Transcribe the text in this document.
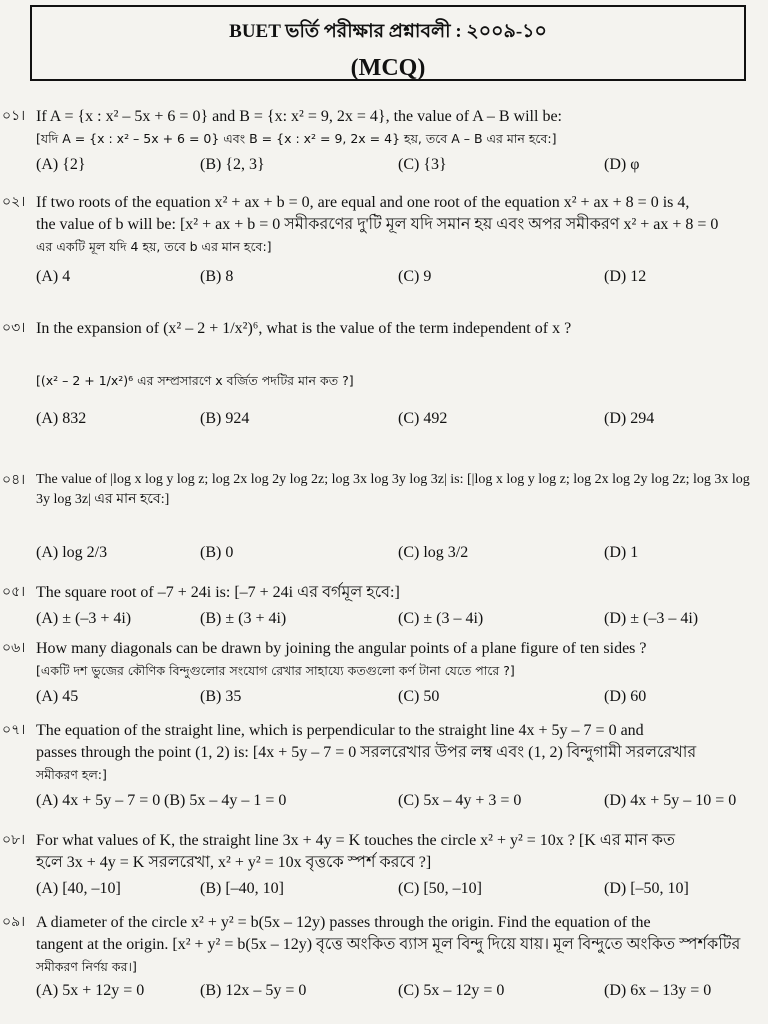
BUET ভর্তি পরীক্ষার প্রশ্নাবলী : ২০০৯-১০
(MCQ)
০১। If A = {x : x² – 5x + 6 = 0} and B = {x: x² = 9, 2x = 4}, the value of A – B will be:
[যদি A = {x : x² – 5x + 6 = 0} এবং B = {x : x² = 9, 2x = 4} হয়, তবে A – B এর মান হবে:]
(A) {2}	(B) {2, 3}	(C) {3}	(D) φ
০২। If two roots of the equation x² + ax + b = 0, are equal and one root of the equation x² + ax + 8 = 0 is 4,
the value of b will be: [x² + ax + b = 0 সমীকরণের দু'টি মূল যদি সমান হয় এবং অপর সমীকরণ x² + ax + 8 = 0
এর একটি মূল যদি 4 হয়, তবে b এর মান হবে:]
(A) 4	(B) 8	(C) 9	(D) 12
০৩। In the expansion of (x² – 2 + 1/x²)⁶, what is the value of the term independent of x ?
[(x² – 2 + 1/x²)⁶ এর সম্প্রসারণে x বর্জিত পদটির মান কত ?]
(A) 832	(B) 924	(C) 492	(D) 294
০৪। The value of |log x log y log z; log 2x log 2y log 2z; log 3x log 3y log 3z| is: [|log x log y log z; log 2x log 2y log 2z; log 3x log 3y log 3z| এর মান হবে:]
(A) log 2/3	(B) 0	(C) log 3/2	(D) 1
০৫। The square root of –7 + 24i is: [–7 + 24i এর বর্গমূল হবে:]
(A) ± (–3 + 4i)	(B) ± (3 + 4i)	(C) ± (3 – 4i)	(D) ± (–3 – 4i)
০৬। How many diagonals can be drawn by joining the angular points of a plane figure of ten sides ?
[একটি দশ ভুজের কৌণিক বিন্দুগুলোর সংযোগ রেখার সাহায্যে কতগুলো কর্ণ টানা যেতে পারে ?]
(A) 45	(B) 35	(C) 50	(D) 60
০৭। The equation of the straight line, which is perpendicular to the straight line 4x + 5y – 7 = 0 and
passes through the point (1, 2) is: [4x + 5y – 7 = 0 সরলরেখার উপর লম্ব এবং (1, 2) বিন্দুগামী সরলরেখার
সমীকরণ হল:]
(A) 4x + 5y – 7 = 0 (B) 5x – 4y – 1 = 0	(C) 5x – 4y + 3 = 0	(D) 4x + 5y – 10 = 0
০৮। For what values of K, the straight line 3x + 4y = K touches the circle x² + y² = 10x ? [K এর মান কত
হলে 3x + 4y = K সরলরেখা, x² + y² = 10x বৃত্তকে স্পর্শ করবে ?]
(A) [40, –10]	(B) [–40, 10]	(C) [50, –10]	(D) [–50, 10]
০৯। A diameter of the circle x² + y² = b(5x – 12y) passes through the origin. Find the equation of the
tangent at the origin. [x² + y² = b(5x – 12y) বৃত্তে অংকিত ব্যাস মূল বিন্দু দিয়ে যায়। মূল বিন্দুতে অংকিত স্পর্শকটির
সমীকরণ নির্ণয় কর।]
(A) 5x + 12y = 0	(B) 12x – 5y = 0	(C) 5x – 12y = 0	(D) 6x – 13y = 0
